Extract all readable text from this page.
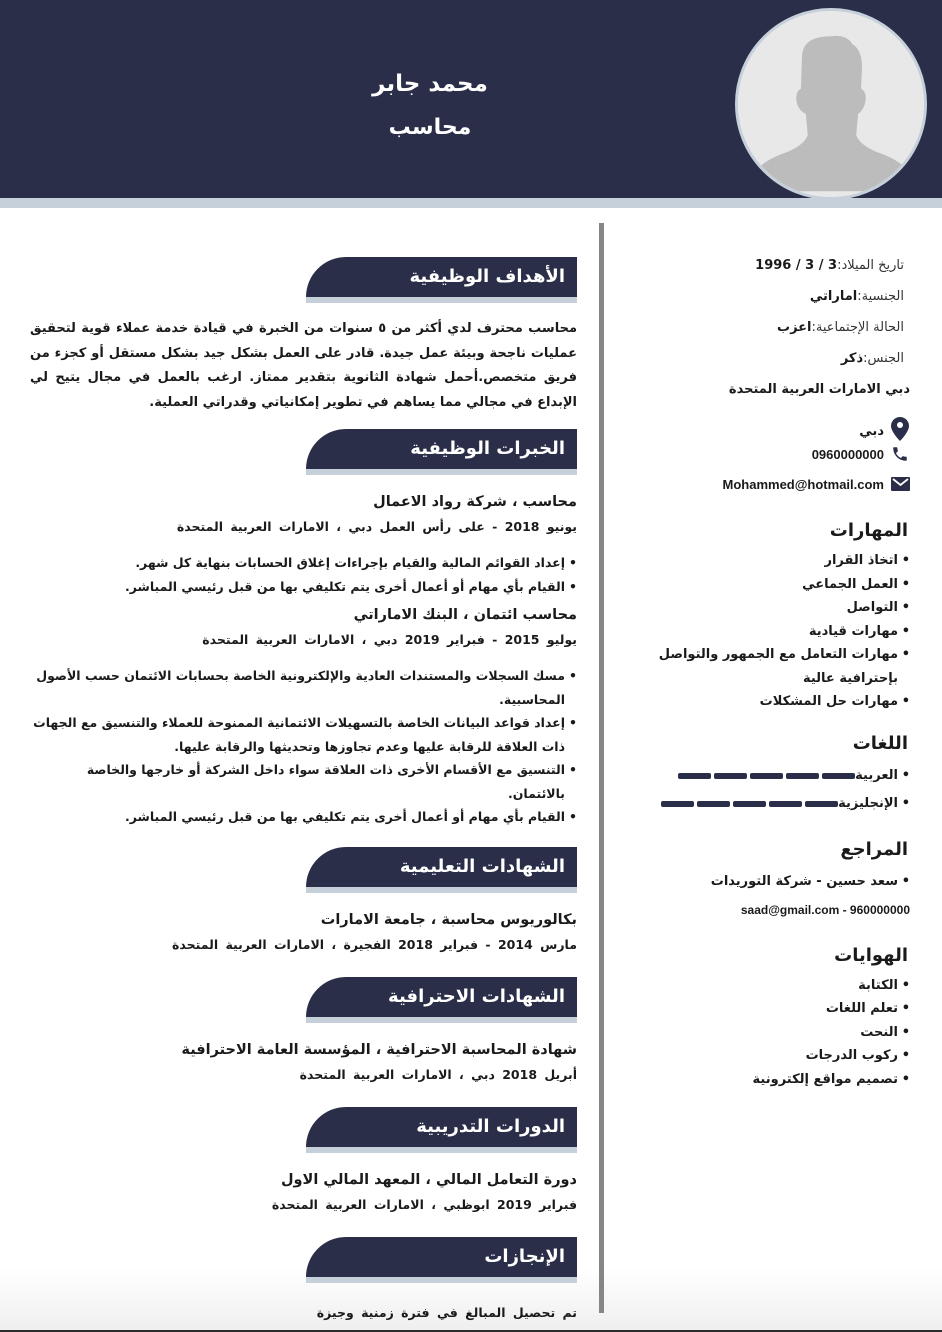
محمد جابر
محاسب
تاريخ الميلاد:3 / 3 / 1996
الجنسية:اماراتي
الحالة الإجتماعية:اعزب
الجنس:ذكر
دبي الامارات العربية المتحدة
دبي
0960000000
Mohammed@hotmail.com
المهارات
• اتخاذ القرار
• العمل الجماعي
• التواصل
• مهارات قيادية
• مهارات التعامل مع الجمهور والتواصل بإحترافية عالية
• مهارات حل المشكلات
اللغات
• العربية
• الإنجليزية
المراجع
• سعد حسين - شركة التوريدات
saad@gmail.com - 960000000
الهوايات
• الكتابة
• تعلم اللغات
• النحت
• ركوب الدرجات
• تصميم مواقع إلكترونية
الأهداف الوظيفية

محاسب محترف لدي أكثر من ٥ سنوات من الخبرة في قيادة خدمة عملاء قوية لتحقيق عمليات ناجحة وبيئة عمل جيدة. قادر على العمل بشكل جيد بشكل مستقل أو كجزء من فريق متخصص.أحمل شهادة الثانوية بتقدير ممتاز. ارغب بالعمل في مجال يتيح لي الإبداع في مجالي مما يساهم في تطوير إمكانياتي وقدراتي العملية.

الخبرات الوظيفية
محاسب ، شركة رواد الاعمال
يونيو 2018 - على رأس العمل دبي ، الامارات العربية المتحدة
• إعداد القوائم المالية والقيام بإجراءات إغلاق الحسابات بنهاية كل شهر.
• القيام بأي مهام أو أعمال أخرى يتم تكليفي بها من قبل رئيسي المباشر.
محاسب ائتمان ، البنك الاماراتي
يوليو 2015 - فبراير 2019 دبي ، الامارات العربية المتحدة
• مسك السجلات والمستندات العادية والإلكترونية الخاصة بحسابات الائتمان حسب الأصول المحاسبية.
• إعداد قواعد البيانات الخاصة بالتسهيلات الائتمانية الممنوحة للعملاء والتنسيق مع الجهات ذات العلاقة للرقابة عليها وعدم تجاوزها وتحديثها والرقابة عليها.
• التنسيق مع الأقسام الأخرى ذات العلاقة سواء داخل الشركة أو خارجها والخاصة بالائتمان.
• القيام بأي مهام أو أعمال أخرى يتم تكليفي بها من قبل رئيسي المباشر.
الشهادات التعليمية
بكالوريوس محاسبة ، جامعة الامارات
مارس 2014 - فبراير 2018 الفجيرة ، الامارات العربية المتحدة
الشهادات الاحترافية
شهادة المحاسبة الاحترافية ، المؤسسة العامة الاحترافية
أبريل 2018 دبي ، الامارات العربية المتحدة
الدورات التدريبية
دورة التعامل المالي ، المعهد المالي الاول
فبراير 2019 ابوظبي ، الامارات العربية المتحدة
الإنجازات
تم تحصيل المبالغ في فترة زمنية وجيزة
